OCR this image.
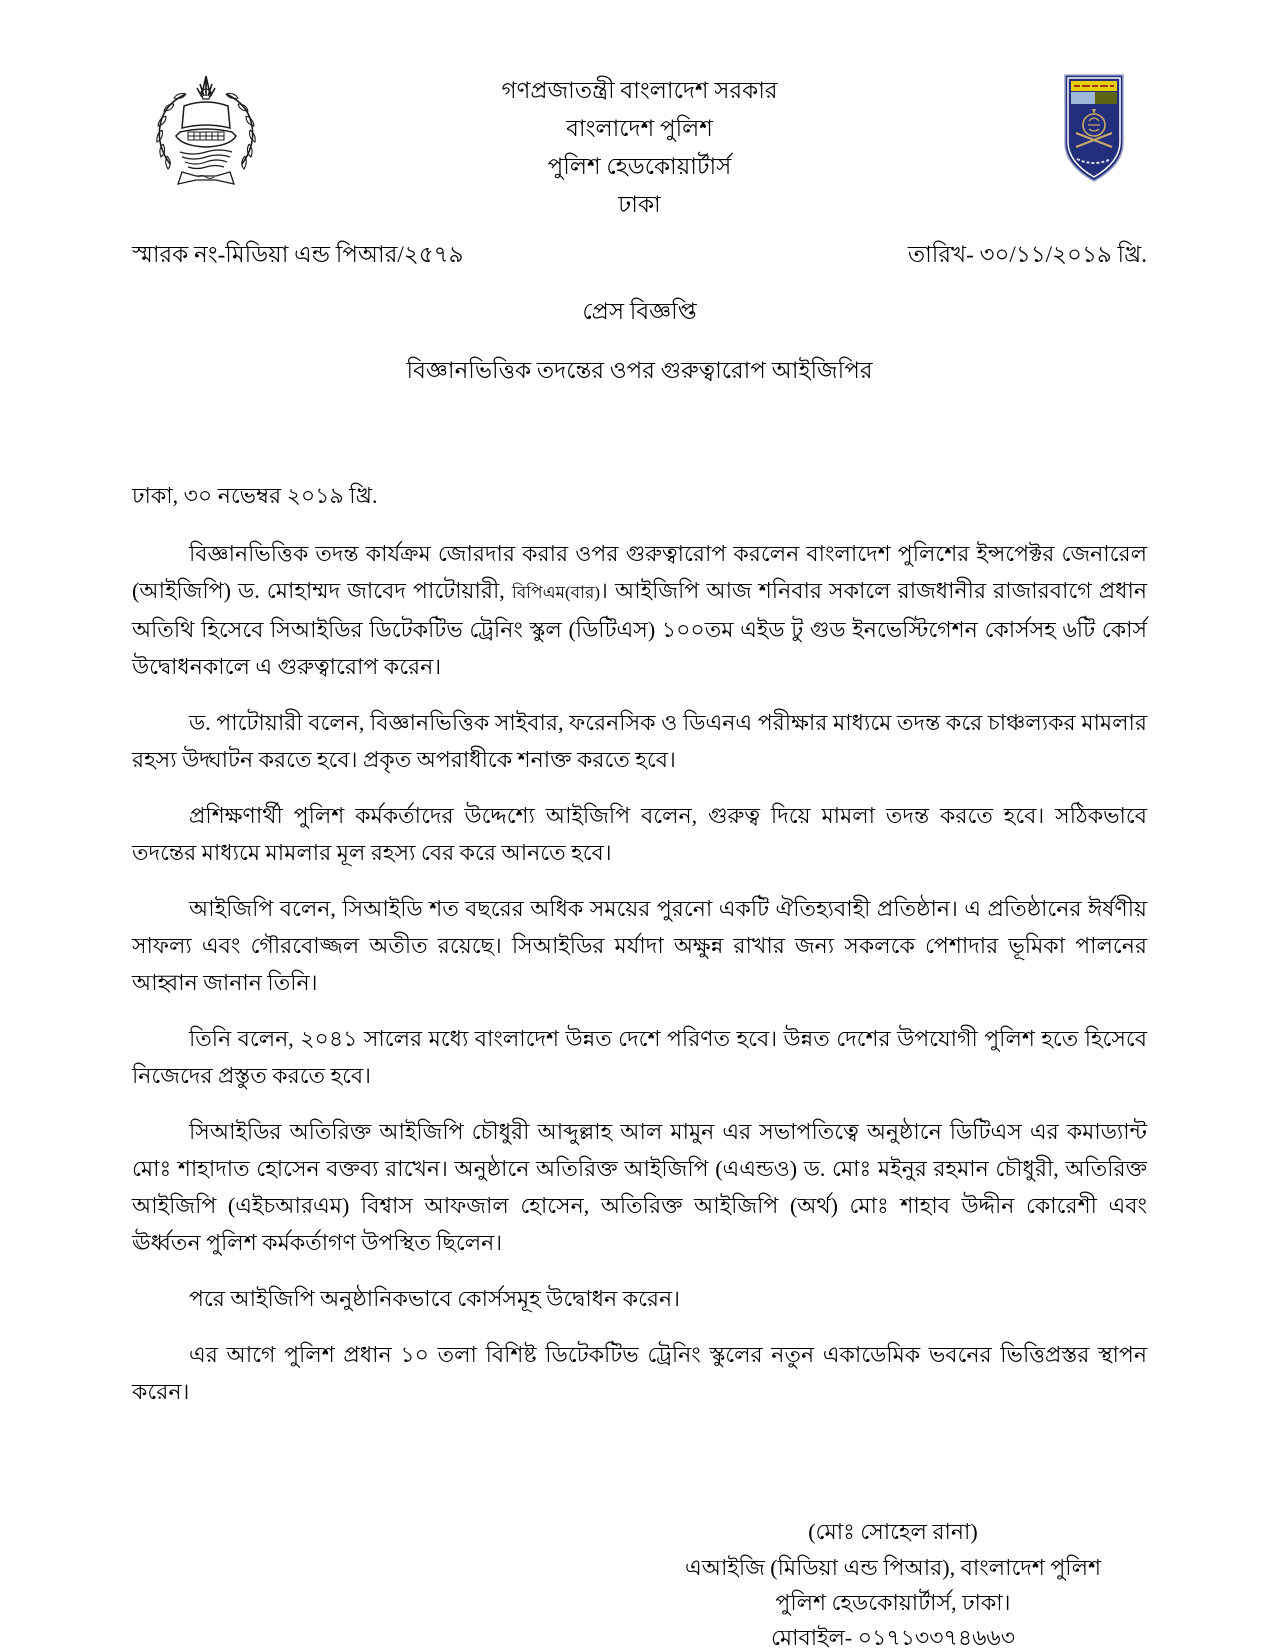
গণপ্রজাতন্ত্রী বাংলাদেশ সরকার
বাংলাদেশ পুলিশ
পুলিশ হেডকোয়ার্টার্স
ঢাকা
স্মারক নং-মিডিয়া এন্ড পিআর/২৫৭৯	তারিখ- ৩০/১১/২০১৯ খ্রি.
প্রেস বিজ্ঞপ্তি
বিজ্ঞানভিত্তিক তদন্তের ওপর গুরুত্বারোপ আইজিপির
ঢাকা, ৩০ নভেম্বর ২০১৯ খ্রি.

বিজ্ঞানভিত্তিক তদন্ত কার্যক্রম জোরদার করার ওপর গুরুত্বারোপ করলেন বাংলাদেশ পুলিশের ইন্সপেক্টর জেনারেল (আইজিপি) ড. মোহাম্মদ জাবেদ পাটোয়ারী, বিপিএম(বার)। আইজিপি আজ শনিবার সকালে রাজধানীর রাজারবাগে প্রধান অতিথি হিসেবে সিআইডির ডিটেকটিভ ট্রেনিং স্কুল (ডিটিএস) ১০০তম এইড টু গুড ইনভেস্টিগেশন কোর্সসহ ৬টি কোর্স উদ্বোধনকালে এ গুরুত্বারোপ করেন।

ড. পাটোয়ারী বলেন, বিজ্ঞানভিত্তিক সাইবার, ফরেনসিক ও ডিএনএ পরীক্ষার মাধ্যমে তদন্ত করে চাঞ্চল্যকর মামলার রহস্য উদ্ঘাটন করতে হবে। প্রকৃত অপরাধীকে শনাক্ত করতে হবে।

প্রশিক্ষণার্থী পুলিশ কর্মকর্তাদের উদ্দেশ্যে আইজিপি বলেন, গুরুত্ব দিয়ে মামলা তদন্ত করতে হবে। সঠিকভাবে তদন্তের মাধ্যমে মামলার মূল রহস্য বের করে আনতে হবে।

আইজিপি বলেন, সিআইডি শত বছরের অধিক সময়ের পুরনো একটি ঐতিহ্যবাহী প্রতিষ্ঠান। এ প্রতিষ্ঠানের ঈর্ষণীয় সাফল্য এবং গৌরবোজ্জল অতীত রয়েছে। সিআইডির মর্যাদা অক্ষুন্ন রাখার জন্য সকলকে পেশাদার ভূমিকা পালনের আহ্বান জানান তিনি।

তিনি বলেন, ২০৪১ সালের মধ্যে বাংলাদেশ উন্নত দেশে পরিণত হবে। উন্নত দেশের উপযোগী পুলিশ হতে হিসেবে নিজেদের প্রস্তুত করতে হবে।

সিআইডির অতিরিক্ত আইজিপি চৌধুরী আব্দুল্লাহ আল মামুন এর সভাপতিত্বে অনুষ্ঠানে ডিটিএস এর কমাড্যান্ট মোঃ শাহাদাত হোসেন বক্তব্য রাখেন। অনুষ্ঠানে অতিরিক্ত আইজিপি (এএন্ডও) ড. মোঃ মইনুর রহমান চৌধুরী, অতিরিক্ত আইজিপি (এইচআরএম) বিশ্বাস আফজাল হোসেন, অতিরিক্ত আইজিপি (অর্থ) মোঃ শাহাব উদ্দীন কোরেশী এবং ঊর্ধ্বতন পুলিশ কর্মকর্তাগণ উপস্থিত ছিলেন।

পরে আইজিপি অনুষ্ঠানিকভাবে কোর্সসমূহ উদ্বোধন করেন।

এর আগে পুলিশ প্রধান ১০ তলা বিশিষ্ট ডিটেকটিভ ট্রেনিং স্কুলের নতুন একাডেমিক ভবনের ভিত্তিপ্রস্তর স্থাপন করেন।

(মোঃ সোহেল রানা)
এআইজি (মিডিয়া এন্ড পিআর), বাংলাদেশ পুলিশ
পুলিশ হেডকোয়ার্টার্স, ঢাকা।
মোবাইল- ০১৭১৩৩৭৪৬৬৩
